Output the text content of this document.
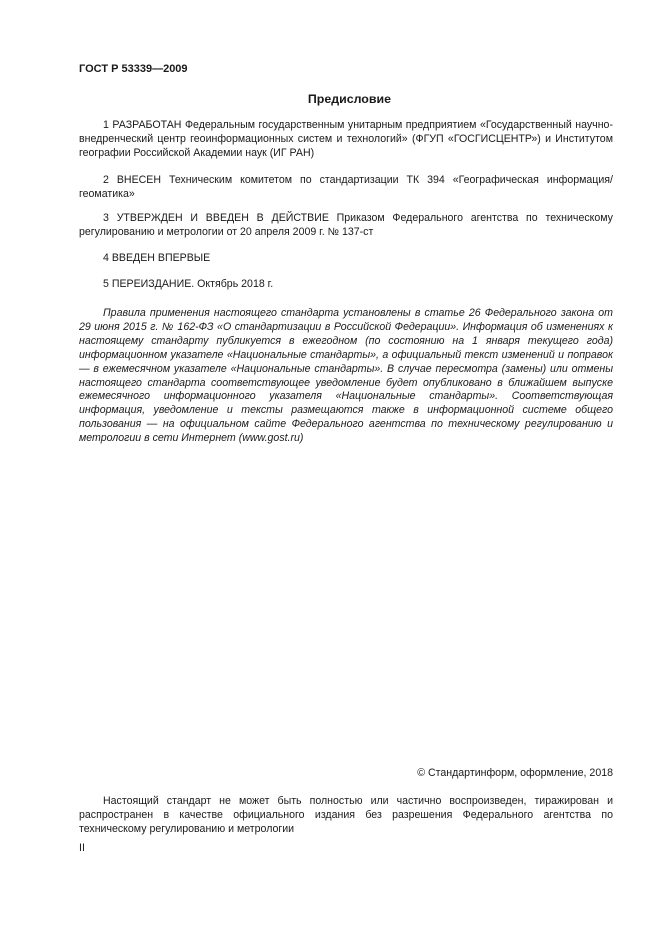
ГОСТ Р 53339—2009
Предисловие

1 РАЗРАБОТАН Федеральным государственным унитарным предприятием «Государственный научно-внедренческий центр геоинформационных систем и технологий» (ФГУП «ГОСГИСЦЕНТР») и Институтом географии Российской Академии наук (ИГ РАН)

2 ВНЕСЕН Техническим комитетом по стандартизации ТК 394 «Географическая информация/геоматика»

3 УТВЕРЖДЕН И ВВЕДЕН В ДЕЙСТВИЕ Приказом Федерального агентства по техническому регулированию и метрологии от 20 апреля 2009 г. № 137-ст

4 ВВЕДЕН ВПЕРВЫЕ

5 ПЕРЕИЗДАНИЕ. Октябрь 2018 г.

Правила применения настоящего стандарта установлены в статье 26 Федерального закона от 29 июня 2015 г. № 162-ФЗ «О стандартизации в Российской Федерации». Информация об изменениях к настоящему стандарту публикуется в ежегодном (по состоянию на 1 января текущего года) информационном указателе «Национальные стандарты», а официальный текст изменений и поправок — в ежемесячном указателе «Национальные стандарты». В случае пересмотра (замены) или отмены настоящего стандарта соответствующее уведомление будет опубликовано в ближайшем выпуске ежемесячного информационного указателя «Национальные стандарты». Соответствующая информация, уведомление и тексты размещаются также в информационной системе общего пользования — на официальном сайте Федерального агентства по техническому регулированию и метрологии в сети Интернет (www.gost.ru)

© Стандартинформ, оформление, 2018

Настоящий стандарт не может быть полностью или частично воспроизведен, тиражирован и распространен в качестве официального издания без разрешения Федерального агентства по техническому регулированию и метрологии

II
